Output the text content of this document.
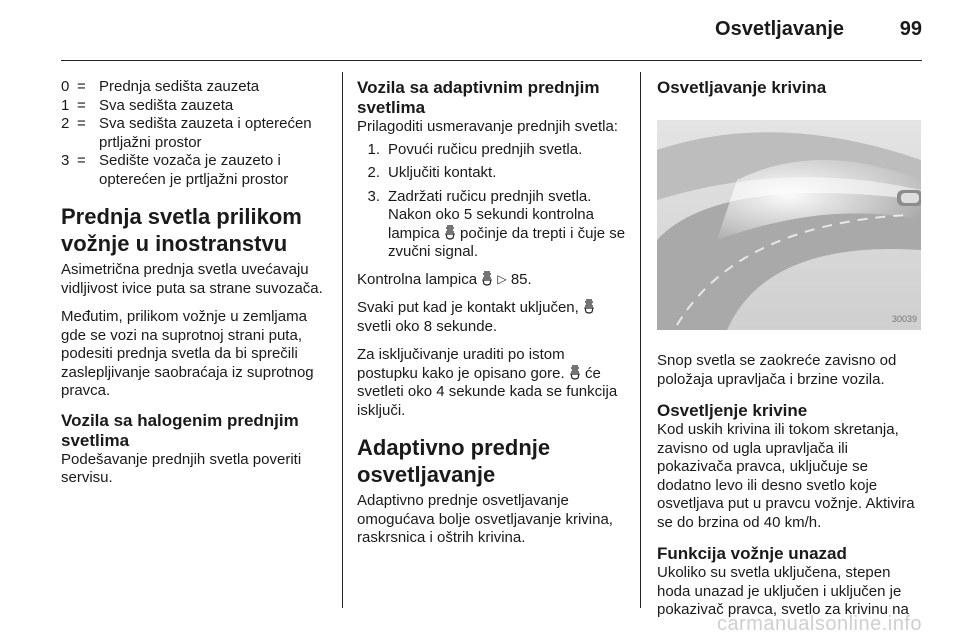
Osvetljavanje	99
0 = Prednja sedišta zauzeta
1 = Sva sedišta zauzeta
2 = Sva sedišta zauzeta i opterećen prtljažni prostor
3 = Sedište vozača je zauzeto i opterećen je prtljažni prostor
Prednja svetla prilikom vožnje u inostranstvu

Asimetrična prednja svetla uvećavaju vidljivost ivice puta sa strane suvozača.

Međutim, prilikom vožnje u zemljama gde se vozi na suprotnoj strani puta, podesiti prednja svetla da bi sprečili zaslepljivanje saobraćaja iz suprotnog pravca.

Vozila sa halogenim prednjim svetlima

Podešavanje prednjih svetla poveriti servisu.

Vozila sa adaptivnim prednjim svetlima

Prilagoditi usmeravanje prednjih svetla:

1. Povući ručicu prednjih svetla.
2. Uključiti kontakt.
3. Zadržati ručicu prednjih svetla. Nakon oko 5 sekundi kontrolna lampica počinje da trepti i čuje se zvučni signal.

Kontrolna lampica ▷ 85.

Svaki put kad je kontakt uključen,  svetli oko 8 sekunde.

Za isključivanje uraditi po istom postupku kako je opisano gore. će svetleti oko 4 sekunde kada se funkcija isključi.

Adaptivno prednje osvetljavanje

Adaptivno prednje osvetljavanje omogućava bolje osvetljavanje krivina, raskrsnica i oštrih krivina.

Osvetljavanje krivina
30039

Snop svetla se zaokreće zavisno od položaja upravljača i brzine vozila.

Osvetljenje krivine

Kod uskih krivina ili tokom skretanja, zavisno od ugla upravljača ili pokazivača pravca, uključuje se dodatno levo ili desno svetlo koje osvetljava put u pravcu vožnje. Aktivira se do brzina od 40 km/h.

Funkcija vožnje unazad

Ukoliko su svetla uključena, stepen hoda unazad je uključen i uključen je pokazivač pravca, svetlo za krivinu na

carmanualsonline.info
